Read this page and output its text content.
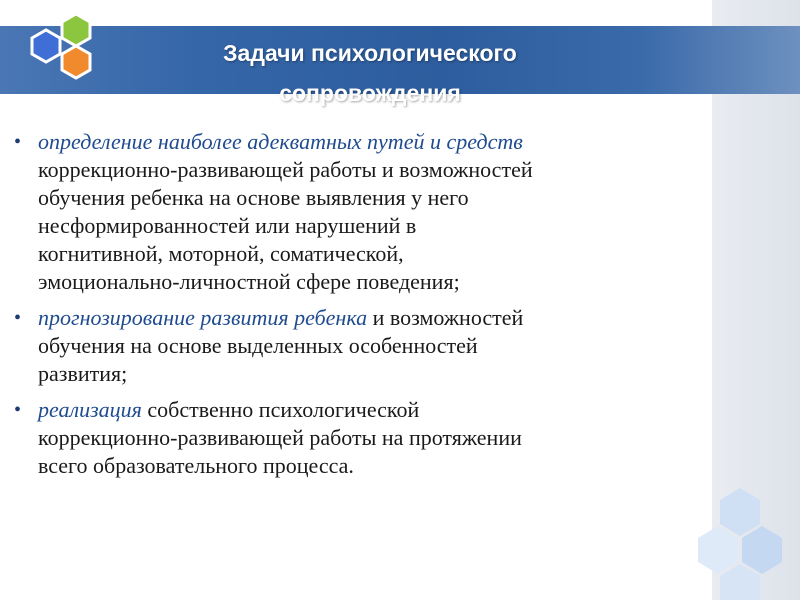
Задачи психологического
сопровождения
• определение наиболее адекватных путей и средств
коррекционно-развивающей работы и возможностей
обучения ребенка на основе выявления у него
несформированностей или нарушений в
когнитивной, моторной, соматической,
эмоционально-личностной сфере поведения;

• прогнозирование развития ребенка и возможностей
обучения на основе выделенных особенностей
развития;

• реализация собственно психологической
коррекционно-развивающей работы на протяжении
всего образовательного процесса.
